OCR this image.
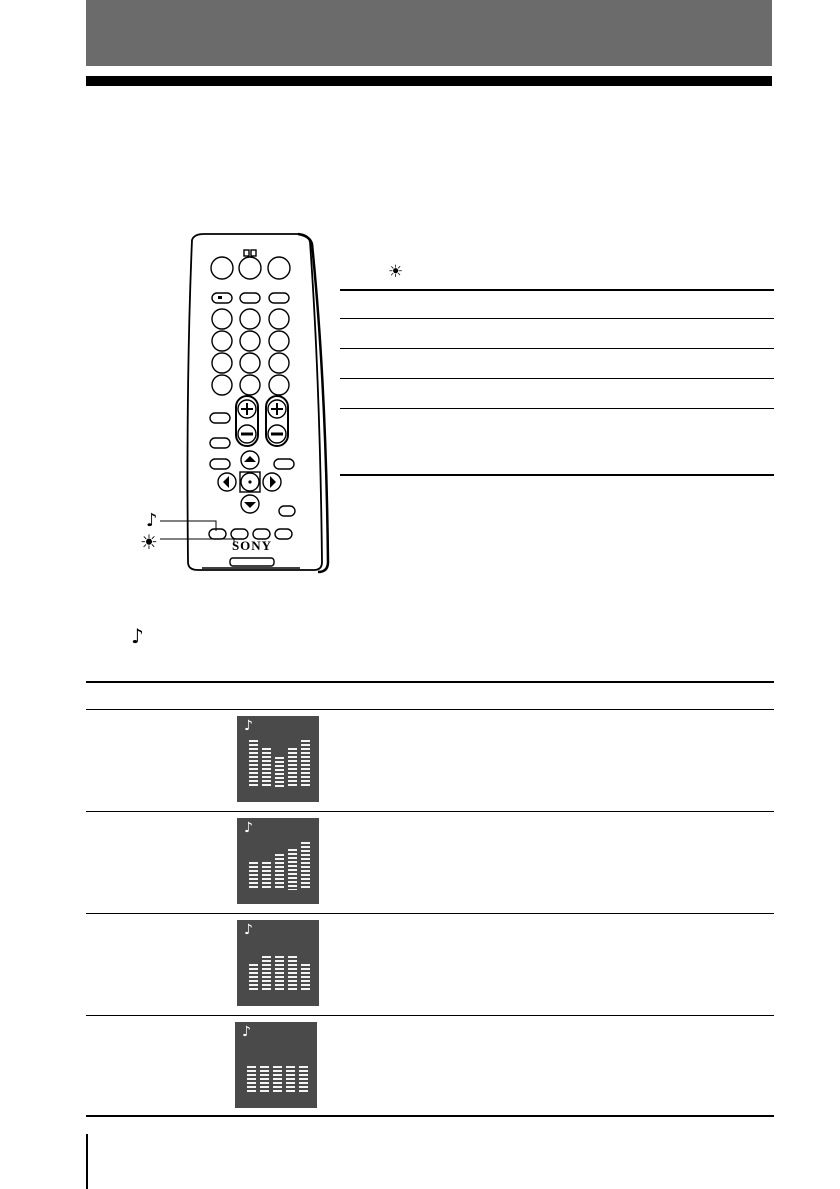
SONY
♪
☀
☀
♪
♪
♪
♪
♪
